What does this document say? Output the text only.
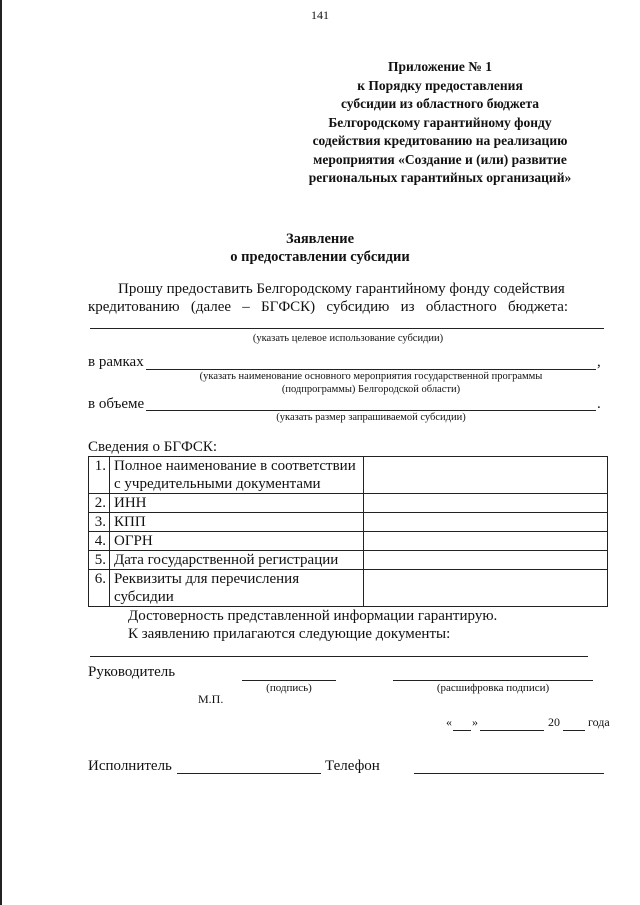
141
Приложение № 1
к Порядку предоставления
субсидии из областного бюджета
Белгородскому гарантийному фонду
содействия кредитованию на реализацию
мероприятия «Создание и (или) развитие
региональных гарантийных организаций»
Заявление
о предоставлении субсидии
Прошу предоставить Белгородскому гарантийному фонду содействия
кредитованию   (далее   –   БГФСК)   субсидию   из   областного   бюджета:
(указать целевое использование субсидии)
в рамках	,
(указать наименование основного мероприятия государственной программы
(подпрограммы) Белгородской области)
в объеме	.
(указать размер запрашиваемой субсидии)
Сведения о БГФСК:
1.	Полное наименование в соответствии с учредительными документами	
2.	ИНН	
3.	КПП	
4.	ОГРН	
5.	Дата государственной регистрации	
6.	Реквизиты для перечисления субсидии	
Достоверность представленной информации гарантирую.
К заявлению прилагаются следующие документы:
Руководитель
(подпись)	(расшифровка подписи)
М.П.
« »	20 года
Исполнитель	Телефон
